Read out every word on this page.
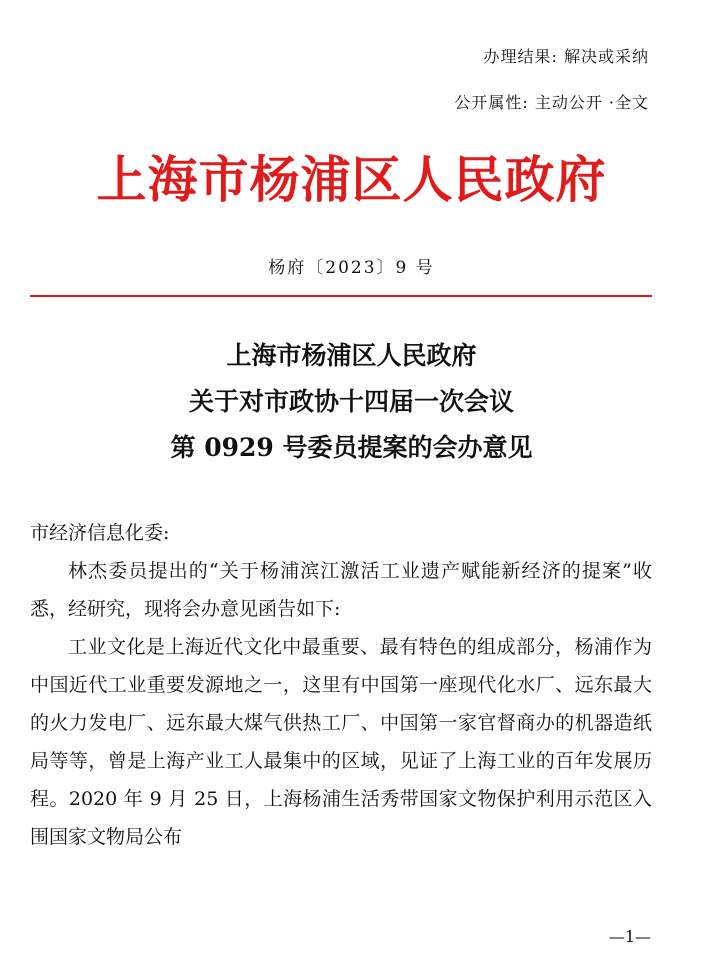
办理结果: 解决或采纳
公开属性: 主动公开 ·全文
上海市杨浦区人民政府
杨府〔2023〕9 号
上海市杨浦区人民政府
关于对市政协十四届一次会议
第 0929 号委员提案的会办意见

市经济信息化委:

林杰委员提出的“关于杨浦滨江激活工业遗产赋能新经济的提案”收悉，经研究，现将会办意见函告如下:

工业文化是上海近代文化中最重要、最有特色的组成部分，杨浦作为中国近代工业重要发源地之一，这里有中国第一座现代化水厂、远东最大的火力发电厂、远东最大煤气供热工厂、中国第一家官督商办的机器造纸局等等，曾是上海产业工人最集中的区域，见证了上海工业的百年发展历程。2020 年 9 月 25 日，上海杨浦生活秀带国家文物保护利用示范区入围国家文物局公布

—1—
